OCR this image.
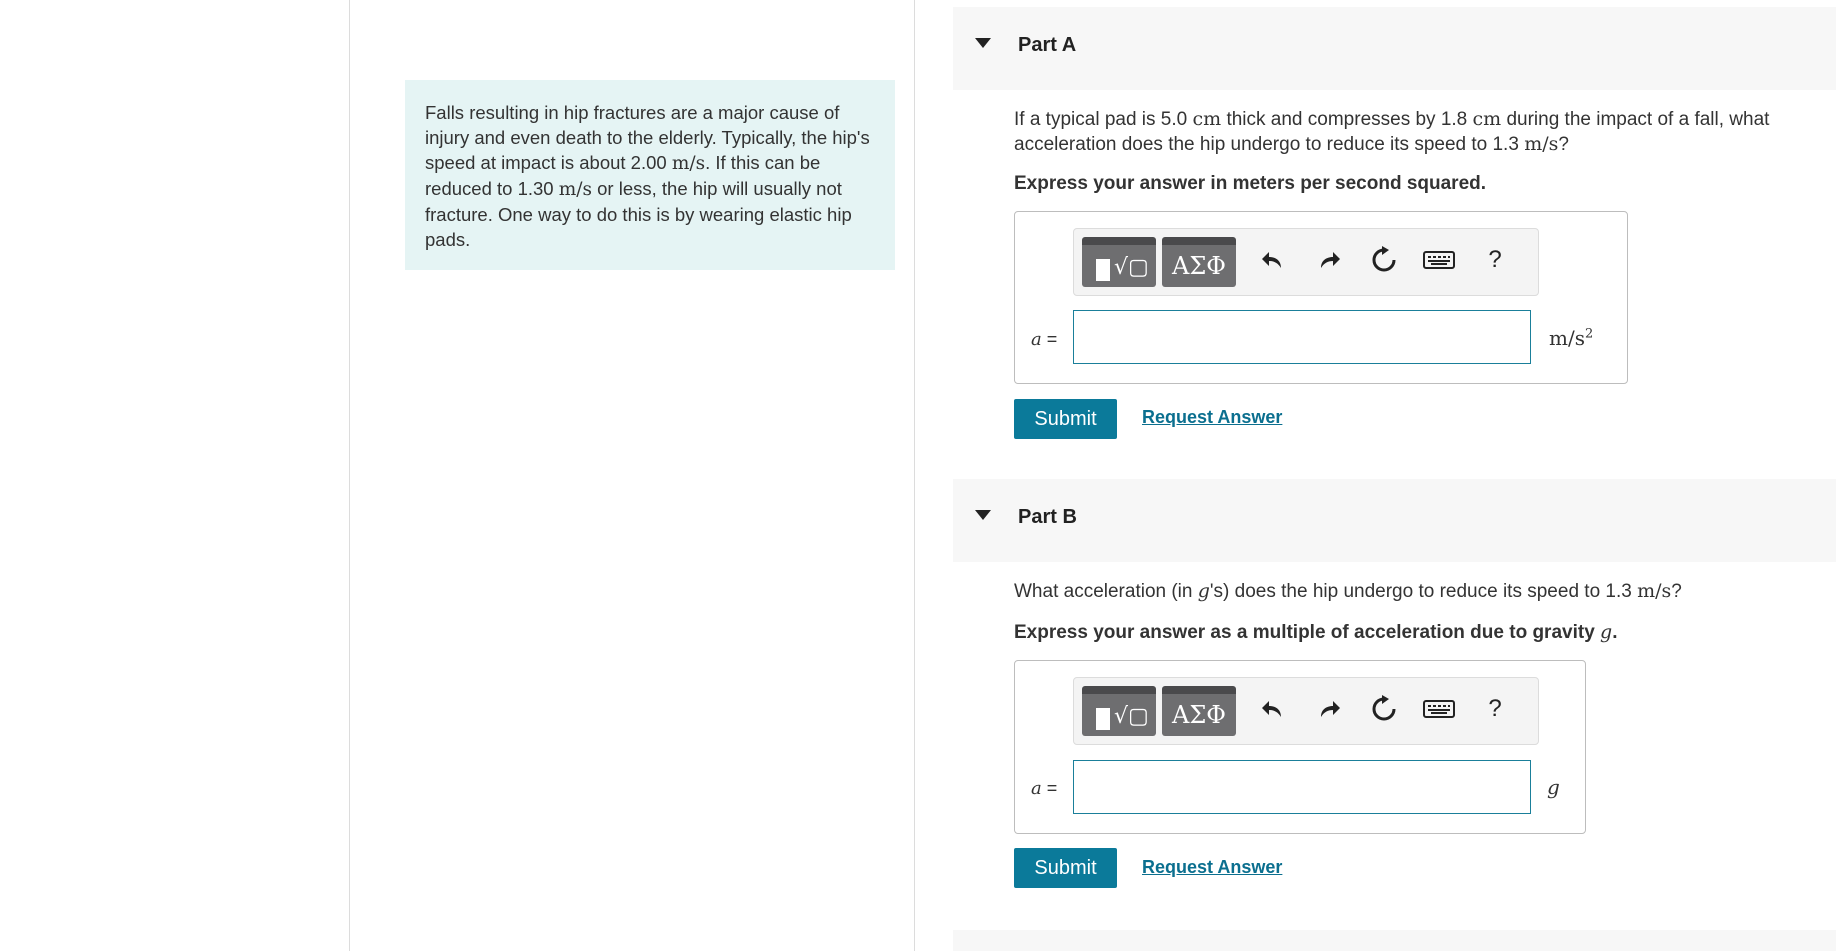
Falls resulting in hip fractures are a major cause of injury and even death to the elderly. Typically, the hip's speed at impact is about 2.00 m/s. If this can be reduced to 1.30 m/s or less, the hip will usually not fracture. One way to do this is by wearing elastic hip pads.
Part A
If a typical pad is 5.0 cm thick and compresses by 1.8 cm during the impact of a fall, what acceleration does the hip undergo to reduce its speed to 1.3 m/s?
Express your answer in meters per second squared.
√▢ ΑΣΦ	?
a =	$m/s^2$
Submit	Request Answer
Part B
What acceleration (in g's) does the hip undergo to reduce its speed to 1.3 m/s?
Express your answer as a multiple of acceleration due to gravity g.
√▢ ΑΣΦ	?
a =	g
Submit	Request Answer
